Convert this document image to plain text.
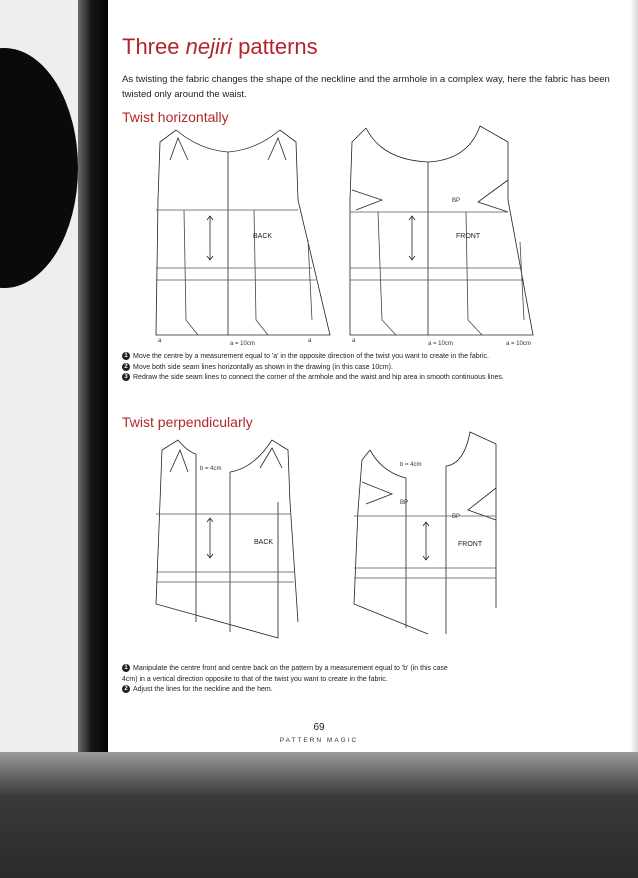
Three nejiri patterns
As twisting the fabric changes the shape of the neckline and the armhole in a complex way, here the fabric has been twisted only around the waist.
Twist horizontally
BACK
a	a = 10cm	a
FRONT
BP
a	a = 10cm	a = 10cm
1 Move the centre by a measurement equal to 'a' in the opposite direction of the twist you want to create in the fabric.
2 Move both side seam lines horizontally as shown in the drawing (in this case 10cm).
3 Redraw the side seam lines to connect the corner of the armhole and the waist and hip area in smooth continuous lines.
Twist perpendicularly
BACK
b = 4cm
FRONT
BP
BP
b = 4cm
1 Manipulate the centre front and centre back on the pattern by a measurement equal to 'b' (in this case
4cm) in a vertical direction opposite to that of the twist you want to create in the fabric.
2 Adjust the lines for the neckline and the hem.
69
PATTERN MAGIC
